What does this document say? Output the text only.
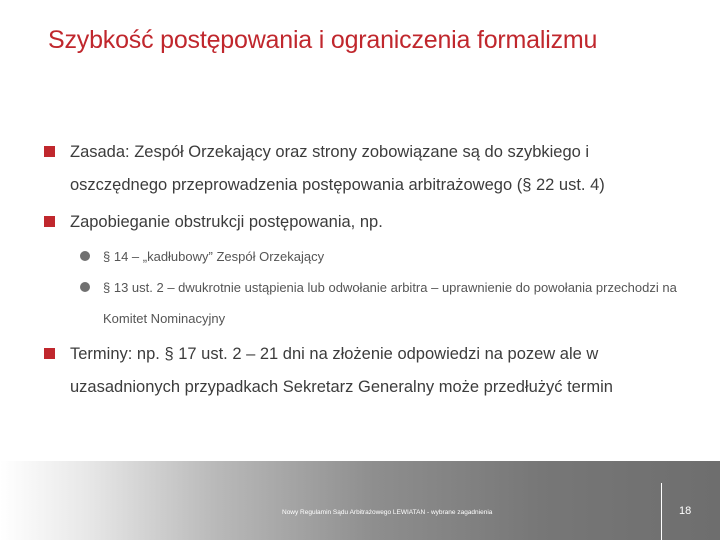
Szybkość postępowania i ograniczenia formalizmu
Zasada: Zespół Orzekający oraz strony zobowiązane są do szybkiego i oszczędnego przeprowadzenia postępowania arbitrażowego (§ 22 ust. 4)
Zapobieganie obstrukcji postępowania, np.
§ 14 – „kadłubowy” Zespół Orzekający
§ 13 ust. 2 – dwukrotnie ustąpienia lub odwołanie arbitra – uprawnienie do powołania przechodzi na Komitet Nominacyjny
Terminy: np. § 17 ust. 2 – 21 dni na złożenie odpowiedzi na pozew ale w uzasadnionych przypadkach Sekretarz Generalny może przedłużyć termin
Nowy Regulamin Sądu Arbitrażowego LEWIATAN - wybrane zagadnienia	18
